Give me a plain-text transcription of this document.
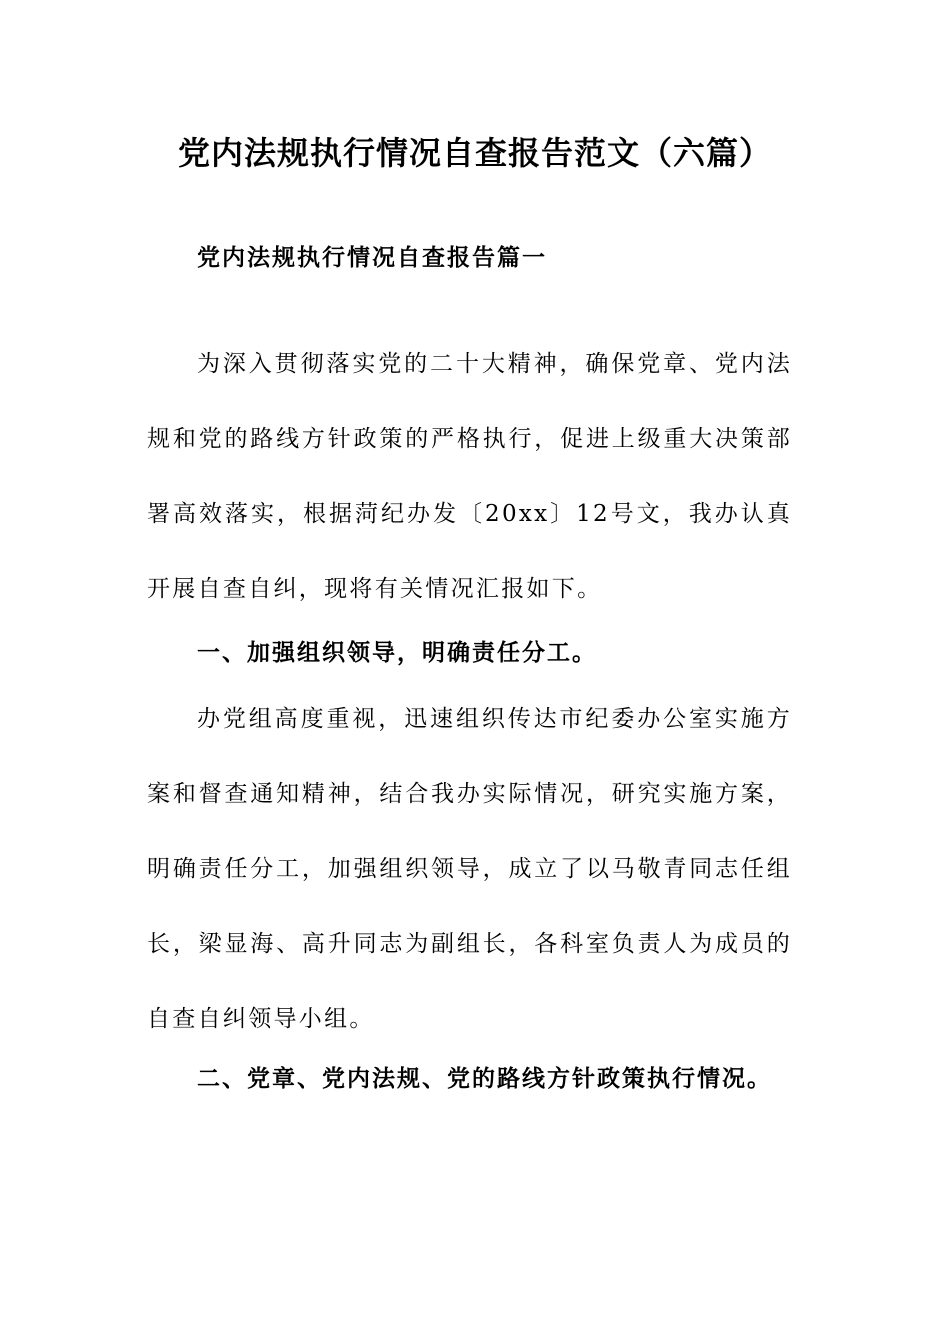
党内法规执行情况自查报告范文（六篇）
党内法规执行情况自查报告篇一
为深入贯彻落实党的二十大精神，确保党章、党内法规和党的路线方针政策的严格执行，促进上级重大决策部署高效落实，根据菏纪办发〔20xx〕12号文，我办认真开展自查自纠，现将有关情况汇报如下。
一、加强组织领导，明确责任分工。
办党组高度重视，迅速组织传达市纪委办公室实施方案和督查通知精神，结合我办实际情况，研究实施方案，明确责任分工，加强组织领导，成立了以马敬青同志任组长，梁显海、高升同志为副组长，各科室负责人为成员的自查自纠领导小组。
二、党章、党内法规、党的路线方针政策执行情况。
